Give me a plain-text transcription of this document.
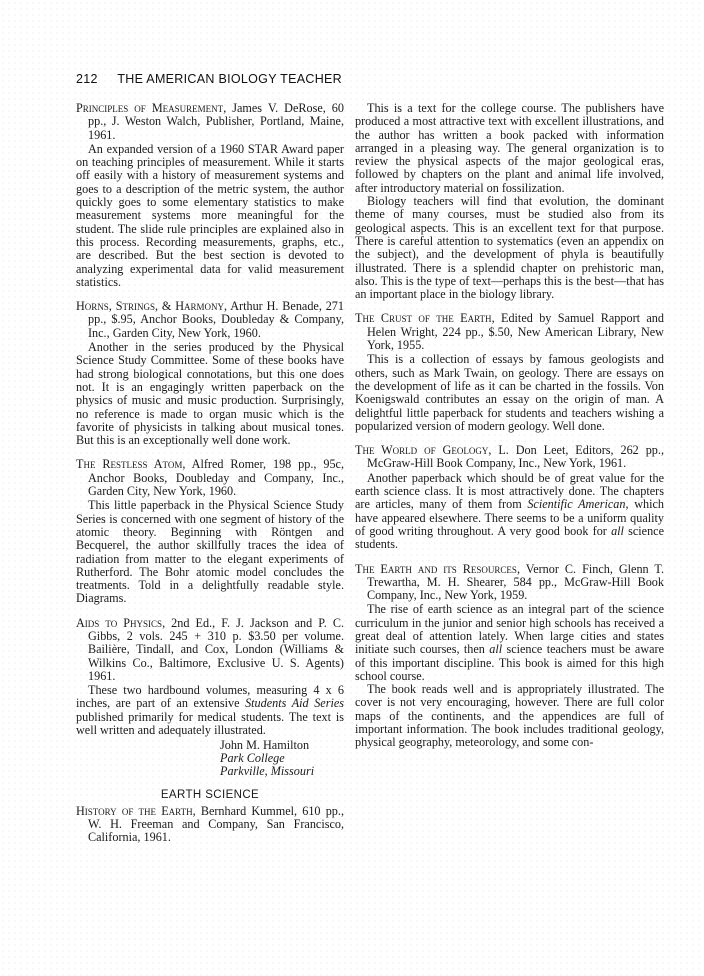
212 THE AMERICAN BIOLOGY TEACHER

Principles of Measurement, James V. DeRose, 60 pp., J. Weston Walch, Publisher, Portland, Maine, 1961.

An expanded version of a 1960 STAR Award paper on teaching principles of measurement. While it starts off easily with a history of measurement systems and goes to a description of the metric system, the author quickly goes to some elementary statistics to make measurement systems more meaningful for the student. The slide rule principles are explained also in this process. Recording measurements, graphs, etc., are described. But the best section is devoted to analyzing experimental data for valid measurement statistics.

Horns, Strings, & Harmony, Arthur H. Benade, 271 pp., $.95, Anchor Books, Doubleday & Company, Inc., Garden City, New York, 1960.

Another in the series produced by the Physical Science Study Committee. Some of these books have had strong biological connotations, but this one does not. It is an engagingly written paperback on the physics of music and music production. Surprisingly, no reference is made to organ music which is the favorite of physicists in talking about musical tones. But this is an exceptionally well done work.

The Restless Atom, Alfred Romer, 198 pp., 95c, Anchor Books, Doubleday and Company, Inc., Garden City, New York, 1960.

This little paperback in the Physical Science Study Series is concerned with one segment of history of the atomic theory. Beginning with Röntgen and Becquerel, the author skillfully traces the idea of radiation from matter to the elegant experiments of Rutherford. The Bohr atomic model concludes the treatments. Told in a delightfully readable style. Diagrams.

Aids to Physics, 2nd Ed., F. J. Jackson and P. C. Gibbs, 2 vols. 245 + 310 p. $3.50 per volume. Bailière, Tindall, and Cox, London (Williams & Wilkins Co., Baltimore, Exclusive U. S. Agents) 1961.

These two hardbound volumes, measuring 4 x 6 inches, are part of an extensive Students Aid Series published primarily for medical students. The text is well written and adequately illustrated.

John M. Hamilton
Park College
Parkville, Missouri
EARTH SCIENCE

History of the Earth, Bernhard Kummel, 610 pp., W. H. Freeman and Company, San Francisco, California, 1961.

This is a text for the college course. The publishers have produced a most attractive text with excellent illustrations, and the author has written a book packed with information arranged in a pleasing way. The general organization is to review the physical aspects of the major geological eras, followed by chapters on the plant and animal life involved, after introductory material on fossilization.

Biology teachers will find that evolution, the dominant theme of many courses, must be studied also from its geological aspects. This is an excellent text for that purpose. There is careful attention to systematics (even an appendix on the subject), and the development of phyla is beautifully illustrated. There is a splendid chapter on prehistoric man, also. This is the type of text—perhaps this is the best—that has an important place in the biology library.

The Crust of the Earth, Edited by Samuel Rapport and Helen Wright, 224 pp., $.50, New American Library, New York, 1955.

This is a collection of essays by famous geologists and others, such as Mark Twain, on geology. There are essays on the development of life as it can be charted in the fossils. Von Koenigswald contributes an essay on the origin of man. A delightful little paperback for students and teachers wishing a popularized version of modern geology. Well done.

The World of Geology, L. Don Leet, Editors, 262 pp., McGraw-Hill Book Company, Inc., New York, 1961.

Another paperback which should be of great value for the earth science class. It is most attractively done. The chapters are articles, many of them from Scientific American, which have appeared elsewhere. There seems to be a uniform quality of good writing throughout. A very good book for all science students.

The Earth and its Resources, Vernor C. Finch, Glenn T. Trewartha, M. H. Shearer, 584 pp., McGraw-Hill Book Company, Inc., New York, 1959.

The rise of earth science as an integral part of the science curriculum in the junior and senior high schools has received a great deal of attention lately. When large cities and states initiate such courses, then all science teachers must be aware of this important discipline. This book is aimed for this high school course.

The book reads well and is appropriately illustrated. The cover is not very encouraging, however. There are full color maps of the continents, and the appendices are full of important information. The book includes traditional geology, physical geography, meteorology, and some con-
